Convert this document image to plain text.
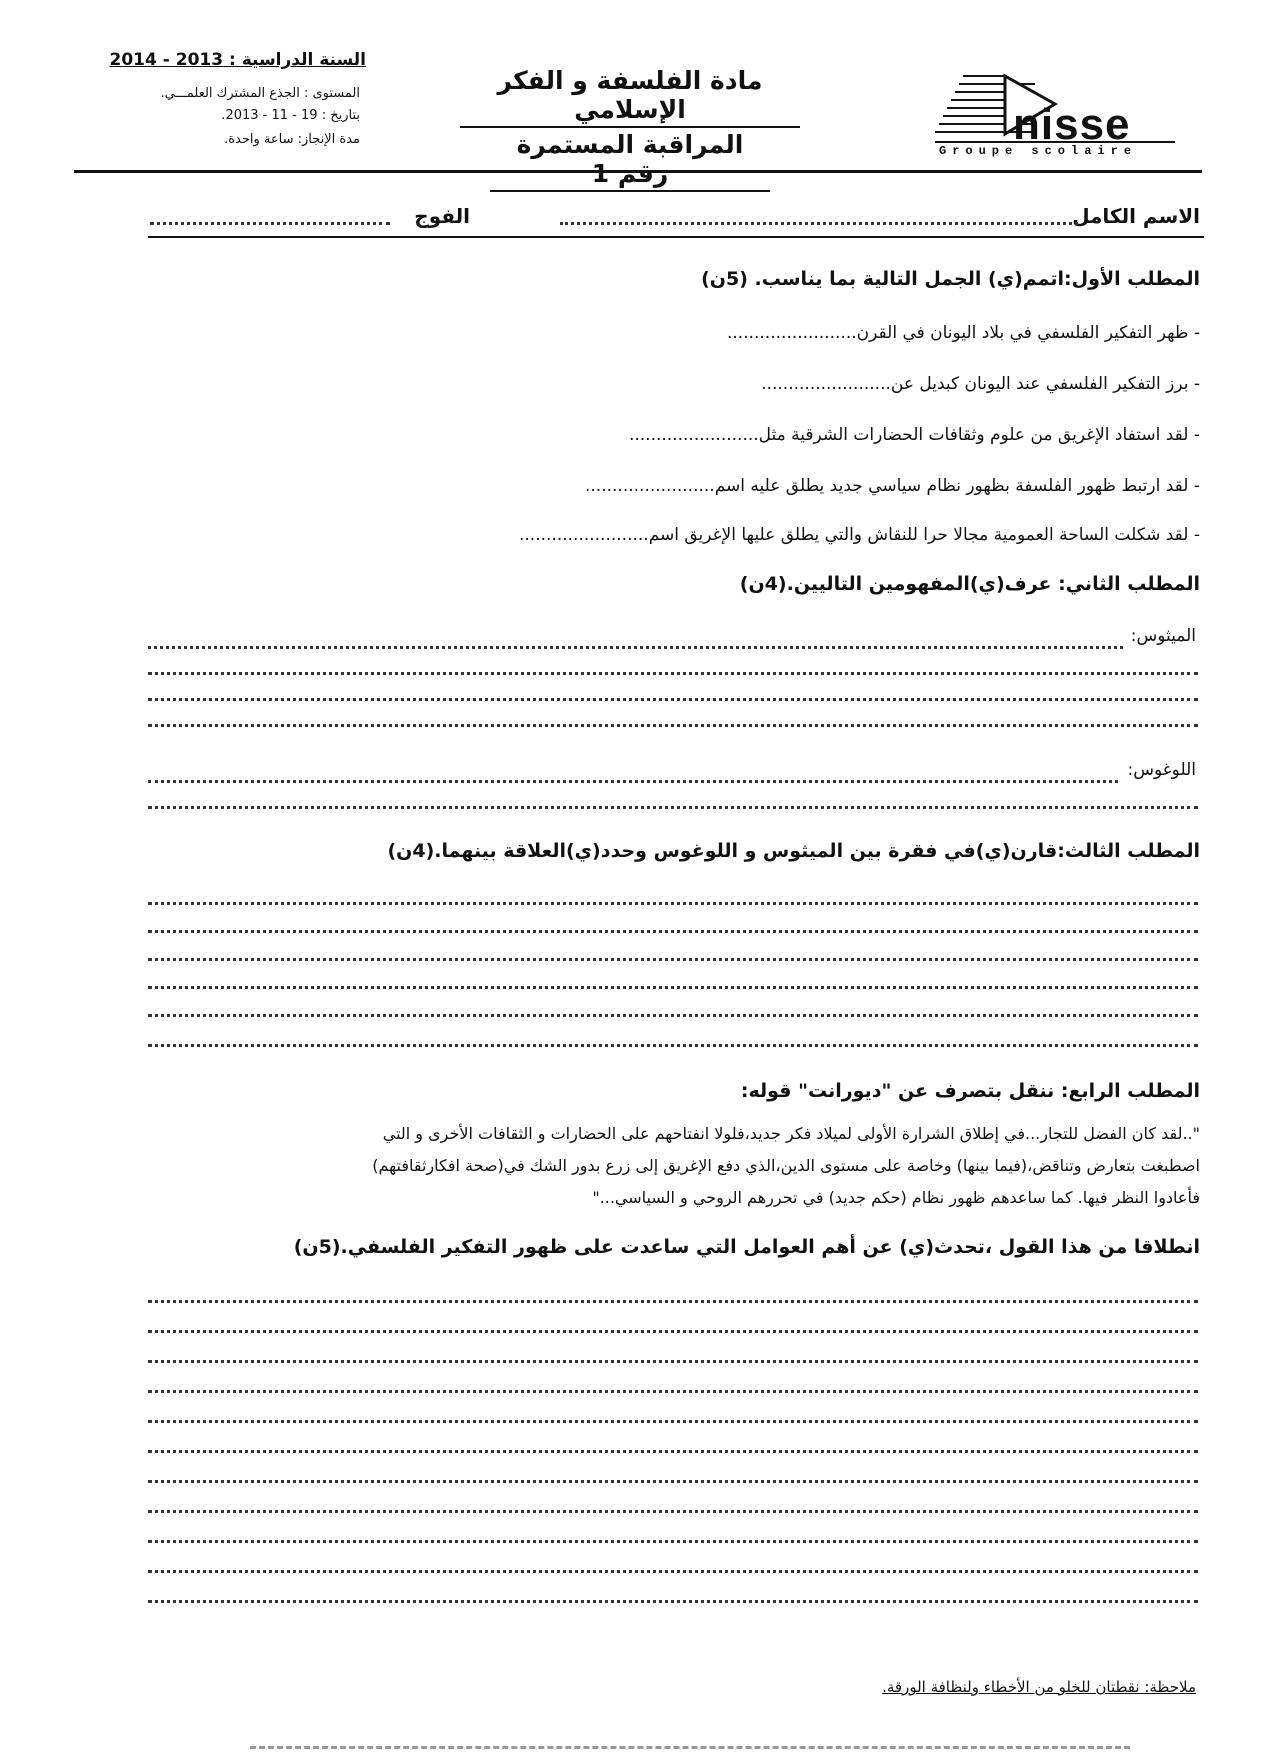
السنة الدراسية : 2013 - 2014
المستوى : الجذع المشترك العلمـــي.
بتاريخ : 19 - 11 - 2013.
مدة الإنجاز: ساعة واحدة.
مادة الفلسفة و الفكر الإسلامي
المراقبة المستمرة رقم 1
nisse
Groupe scolaire
الاسم الكامل
الفوج
المطلب الأول:اتمم(ي) الجمل التالية بما يناسب. (5ن)
- ظهر التفكير الفلسفي في بلاد اليونان في القرن........................
- برز التفكير الفلسفي عند اليونان كبديل عن........................
- لقد استفاد الإغريق من علوم وثقافات الحضارات الشرقية مثل........................
- لقد ارتبط ظهور الفلسفة بظهور نظام سياسي جديد يطلق عليه اسم........................
- لقد شكلت الساحة العمومية مجالا حرا للنقاش والتي يطلق عليها الإغريق اسم........................
المطلب الثاني: عرف(ي)المفهومين التاليين.(4ن)
الميثوس:
اللوغوس:
المطلب الثالث:قارن(ي)في فقرة بين الميثوس و اللوغوس وحدد(ي)العلاقة بينهما.(4ن)
المطلب الرابع: ننقل بتصرف عن "ديورانت" قوله:
"..لقد كان الفضل للتجار...في إطلاق الشرارة الأولى لميلاد فكر جديد،فلولا انفتاحهم على الحضارات و الثقافات الأخرى و التي
اصطبغت بتعارض وتناقض،(فيما بينها) وخاصة على مستوى الدين،الذي دفع الإغريق إلى زرع بدور الشك في(صحة افكارثقافتهم)
فأعادوا النظر فيها. كما ساعدهم ظهور نظام (حكم جديد) في تحررهم الروحي و السياسي..."
انطلاقا من هذا القول ،تحدث(ي) عن أهم العوامل التي ساعدت على ظهور التفكير الفلسفي.(5ن)
ملاحظة: نقطتان للخلو من الأخطاء ولنظافة الورقة.
